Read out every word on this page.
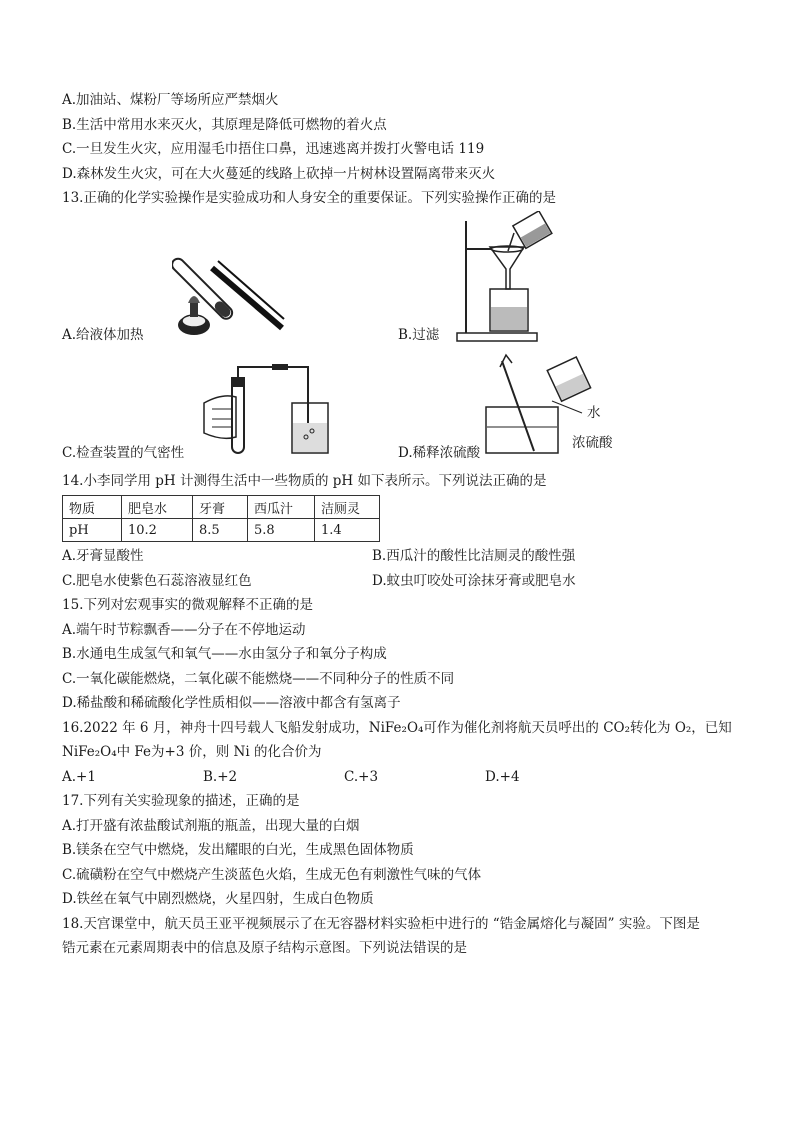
A.加油站、煤粉厂等场所应严禁烟火
B.生活中常用水来灭火，其原理是降低可燃物的着火点
C.一旦发生火灾，应用湿毛巾捂住口鼻，迅速逃离并拨打火警电话 119
D.森林发生火灾，可在大火蔓延的线路上砍掉一片树林设置隔离带来灭火
13.正确的化学实验操作是实验成功和人身安全的重要保证。下列实验操作正确的是
A.给液体加热	B.过滤
水
浓硫酸
C.检查装置的气密性	D.稀释浓硫酸
14.小李同学用 pH 计测得生活中一些物质的 pH 如下表所示。下列说法正确的是
物质	肥皂水	牙膏	西瓜汁	洁厕灵
pH	10.2	8.5	5.8	1.4
A.牙膏显酸性	B.西瓜汁的酸性比洁厕灵的酸性强
C.肥皂水使紫色石蕊溶液显红色	D.蚊虫叮咬处可涂抹牙膏或肥皂水
15.下列对宏观事实的微观解释不正确的是
A.端午时节粽飘香——分子在不停地运动
B.水通电生成氢气和氧气——水由氢分子和氧分子构成
C.一氧化碳能燃烧，二氧化碳不能燃烧——不同种分子的性质不同
D.稀盐酸和稀硫酸化学性质相似——溶液中都含有氢离子
16.2022 年 6 月，神舟十四号载人飞船发射成功，NiFe₂O₄可作为催化剂将航天员呼出的 CO₂转化为 O₂，已知
NiFe₂O₄中 Fe为+3 价，则 Ni 的化合价为
A.+1	B.+2	C.+3	D.+4
17.下列有关实验现象的描述，正确的是
A.打开盛有浓盐酸试剂瓶的瓶盖，出现大量的白烟
B.镁条在空气中燃烧，发出耀眼的白光，生成黑色固体物质
C.硫磺粉在空气中燃烧产生淡蓝色火焰，生成无色有刺激性气味的气体
D.铁丝在氧气中剧烈燃烧，火星四射，生成白色物质
18.天宫课堂中，航天员王亚平视频展示了在无容器材料实验柜中进行的 “锆金属熔化与凝固” 实验。下图是
锆元素在元素周期表中的信息及原子结构示意图。下列说法错误的是
